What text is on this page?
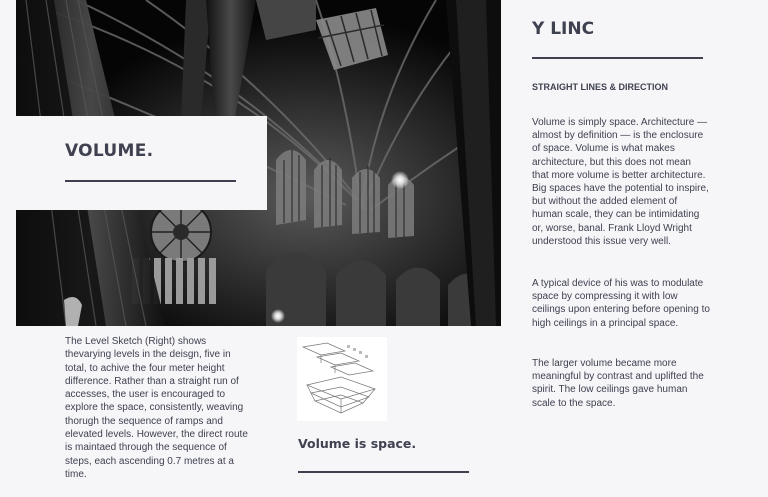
VOLUME.

The Level Sketch (Right) shows thevarying levels in the deisgn, five in total, to achive the four meter height difference. Rather than a straight run of accesses, the user is encouraged to explore the space, consistently, weaving thorugh the sequence of ramps and elevated levels. However, the direct route is maintaed through the sequence of steps, each ascending 0.7 metres at a time.

Volume is space.
Y LINC
STRAIGHT LINES & DIRECTION

Volume is simply space. Architecture — almost by definition — is the enclosure of space. Volume is what makes architecture, but this does not mean that more volume is better architecture. Big spaces have the potential to inspire, but without the added element of human scale, they can be intimidating or, worse, banal. Frank Lloyd Wright understood this issue very well.

A typical device of his was to modulate space by compressing it with low ceilings upon entering before opening to high ceilings in a principal space.

The larger volume became more meaningful by contrast and uplifted the spirit. The low ceilings gave human scale to the space.
